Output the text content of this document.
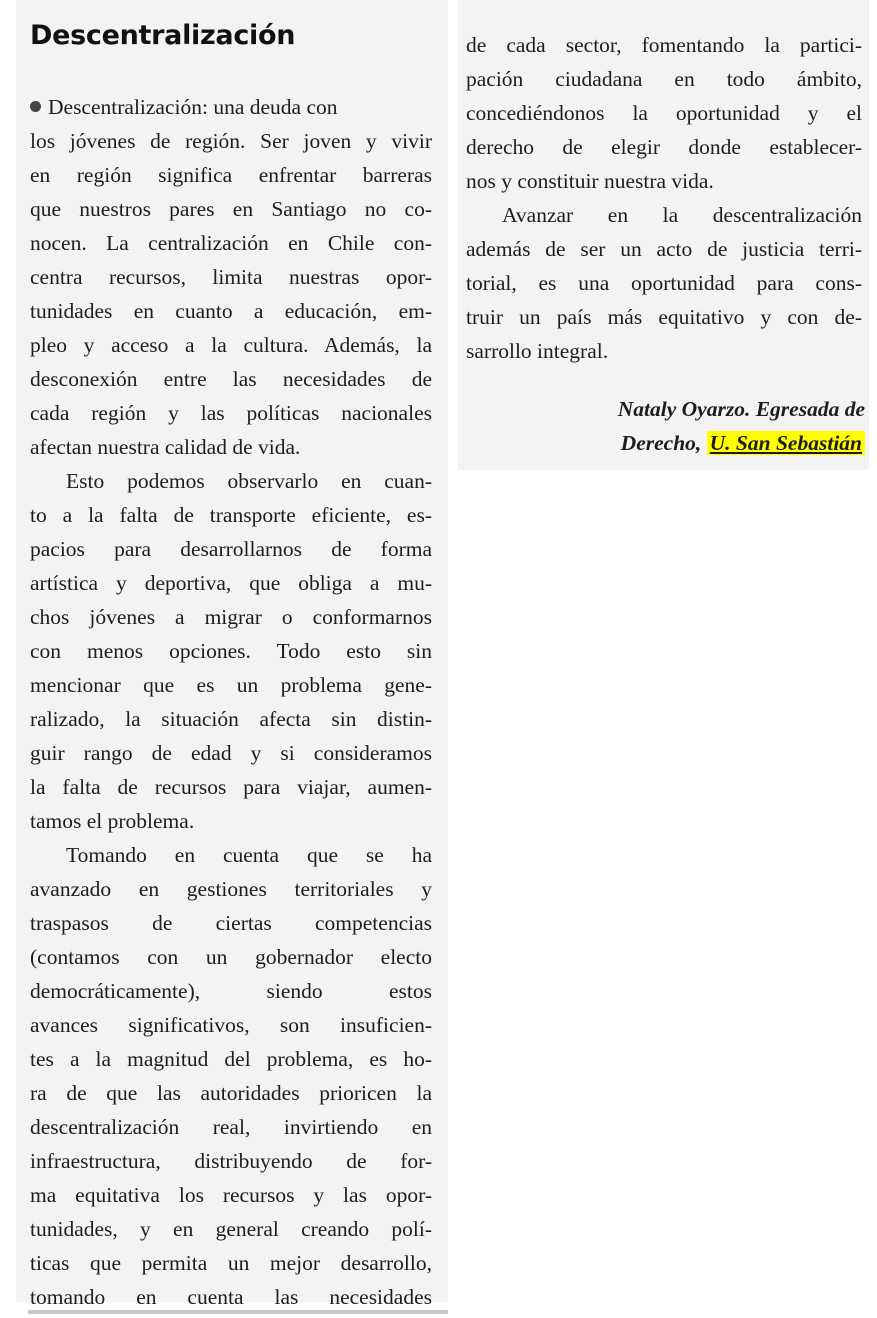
Descentralización
Descentralización: una deuda con
los jóvenes de región. Ser joven y vivir
en región significa enfrentar barreras
que nuestros pares en Santiago no co-
nocen. La centralización en Chile con-
centra recursos, limita nuestras opor-
tunidades en cuanto a educación, em-
pleo y acceso a la cultura. Además, la
desconexión entre las necesidades de
cada región y las políticas nacionales
afectan nuestra calidad de vida.
Esto podemos observarlo en cuan-
to a la falta de transporte eficiente, es-
pacios para desarrollarnos de forma
artística y deportiva, que obliga a mu-
chos jóvenes a migrar o conformarnos
con menos opciones. Todo esto sin
mencionar que es un problema gene-
ralizado, la situación afecta sin distin-
guir rango de edad y si consideramos
la falta de recursos para viajar, aumen-
tamos el problema.
Tomando en cuenta que se ha
avanzado en gestiones territoriales y
traspasos de ciertas competencias
(contamos con un gobernador electo
democráticamente), siendo estos
avances significativos, son insuficien-
tes a la magnitud del problema, es ho-
ra de que las autoridades prioricen la
descentralización real, invirtiendo en
infraestructura, distribuyendo de for-
ma equitativa los recursos y las opor-
tunidades, y en general creando polí-
ticas que permita un mejor desarrollo,
tomando en cuenta las necesidades
de cada sector, fomentando la partici-
pación ciudadana en todo ámbito,
concediéndonos la oportunidad y el
derecho de elegir donde establecer-
nos y constituir nuestra vida.
Avanzar en la descentralización
además de ser un acto de justicia terri-
torial, es una oportunidad para cons-
truir un país más equitativo y con de-
sarrollo integral.
Nataly Oyarzo. Egresada de
Derecho, U. San Sebastián
